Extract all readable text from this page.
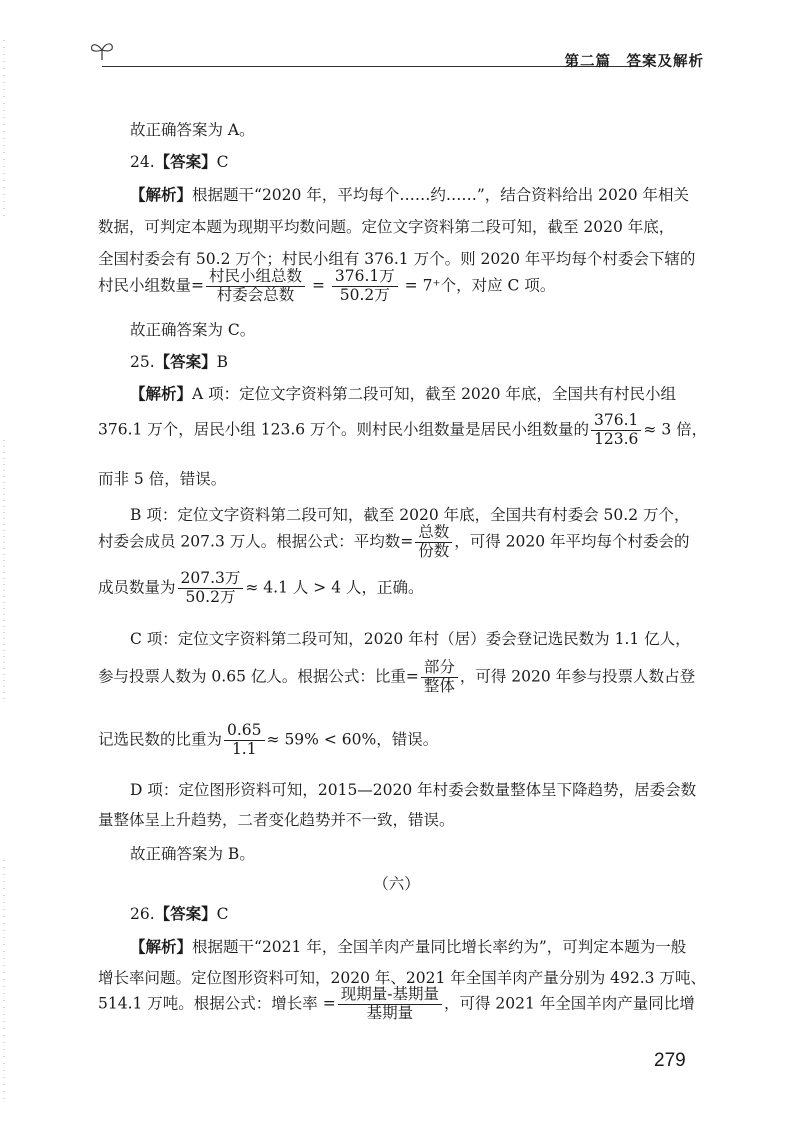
第二篇　答案及解析
故正确答案为 A。
24.【答案】C
【解析】根据题干“2020 年，平均每个……约……”，结合资料给出 2020 年相关
数据，可判定本题为现期平均数问题。定位文字资料第二段可知，截至 2020 年底，
全国村委会有 50.2 万个；村民小组有 376.1 万个。则 2020 年平均每个村委会下辖的
村民小组数量= $\frac{\text{村民小组总数}}{\text{村委会总数}} = \frac{\text{376.1万}}{\text{50.2万}} = 7^+$个，对应 C 项。
故正确答案为 C。
25.【答案】B
【解析】A 项：定位文字资料第二段可知，截至 2020 年底，全国共有村民小组
376.1 万个，居民小组 123.6 万个。则村民小组数量是居民小组数量的 $\frac{376.1}{123.6} \approx 3$ 倍，
而非 5 倍，错误。
B 项：定位文字资料第二段可知，截至 2020 年底，全国共有村委会 50.2 万个，
村委会成员 207.3 万人。根据公式：平均数= $\frac{\text{总数}}{\text{份数}}$ ，可得 2020 年平均每个村委会的
成员数量为 $\frac{\text{207.3万}}{\text{50.2万}} \approx 4.1$ 人 > 4 人，正确。
C 项：定位文字资料第二段可知，2020 年村（居）委会登记选民数为 1.1 亿人，
参与投票人数为 0.65 亿人。根据公式：比重= $\frac{\text{部分}}{\text{整体}}$ ，可得 2020 年参与投票人数占登
记选民数的比重为 $\frac{0.65}{1.1} \approx 59\% < 60\%$，错误。
D 项：定位图形资料可知，2015—2020 年村委会数量整体呈下降趋势，居委会数
量整体呈上升趋势，二者变化趋势并不一致，错误。
故正确答案为 B。
（六）
26.【答案】C
【解析】根据题干“2021 年，全国羊肉产量同比增长率约为”，可判定本题为一般
增长率问题。定位图形资料可知，2020 年、2021 年全国羊肉产量分别为 492.3 万吨、
514.1 万吨。根据公式：增长率 = $\frac{\text{现期量-基期量}}{\text{基期量}}$ ，可得 2021 年全国羊肉产量同比增
279
